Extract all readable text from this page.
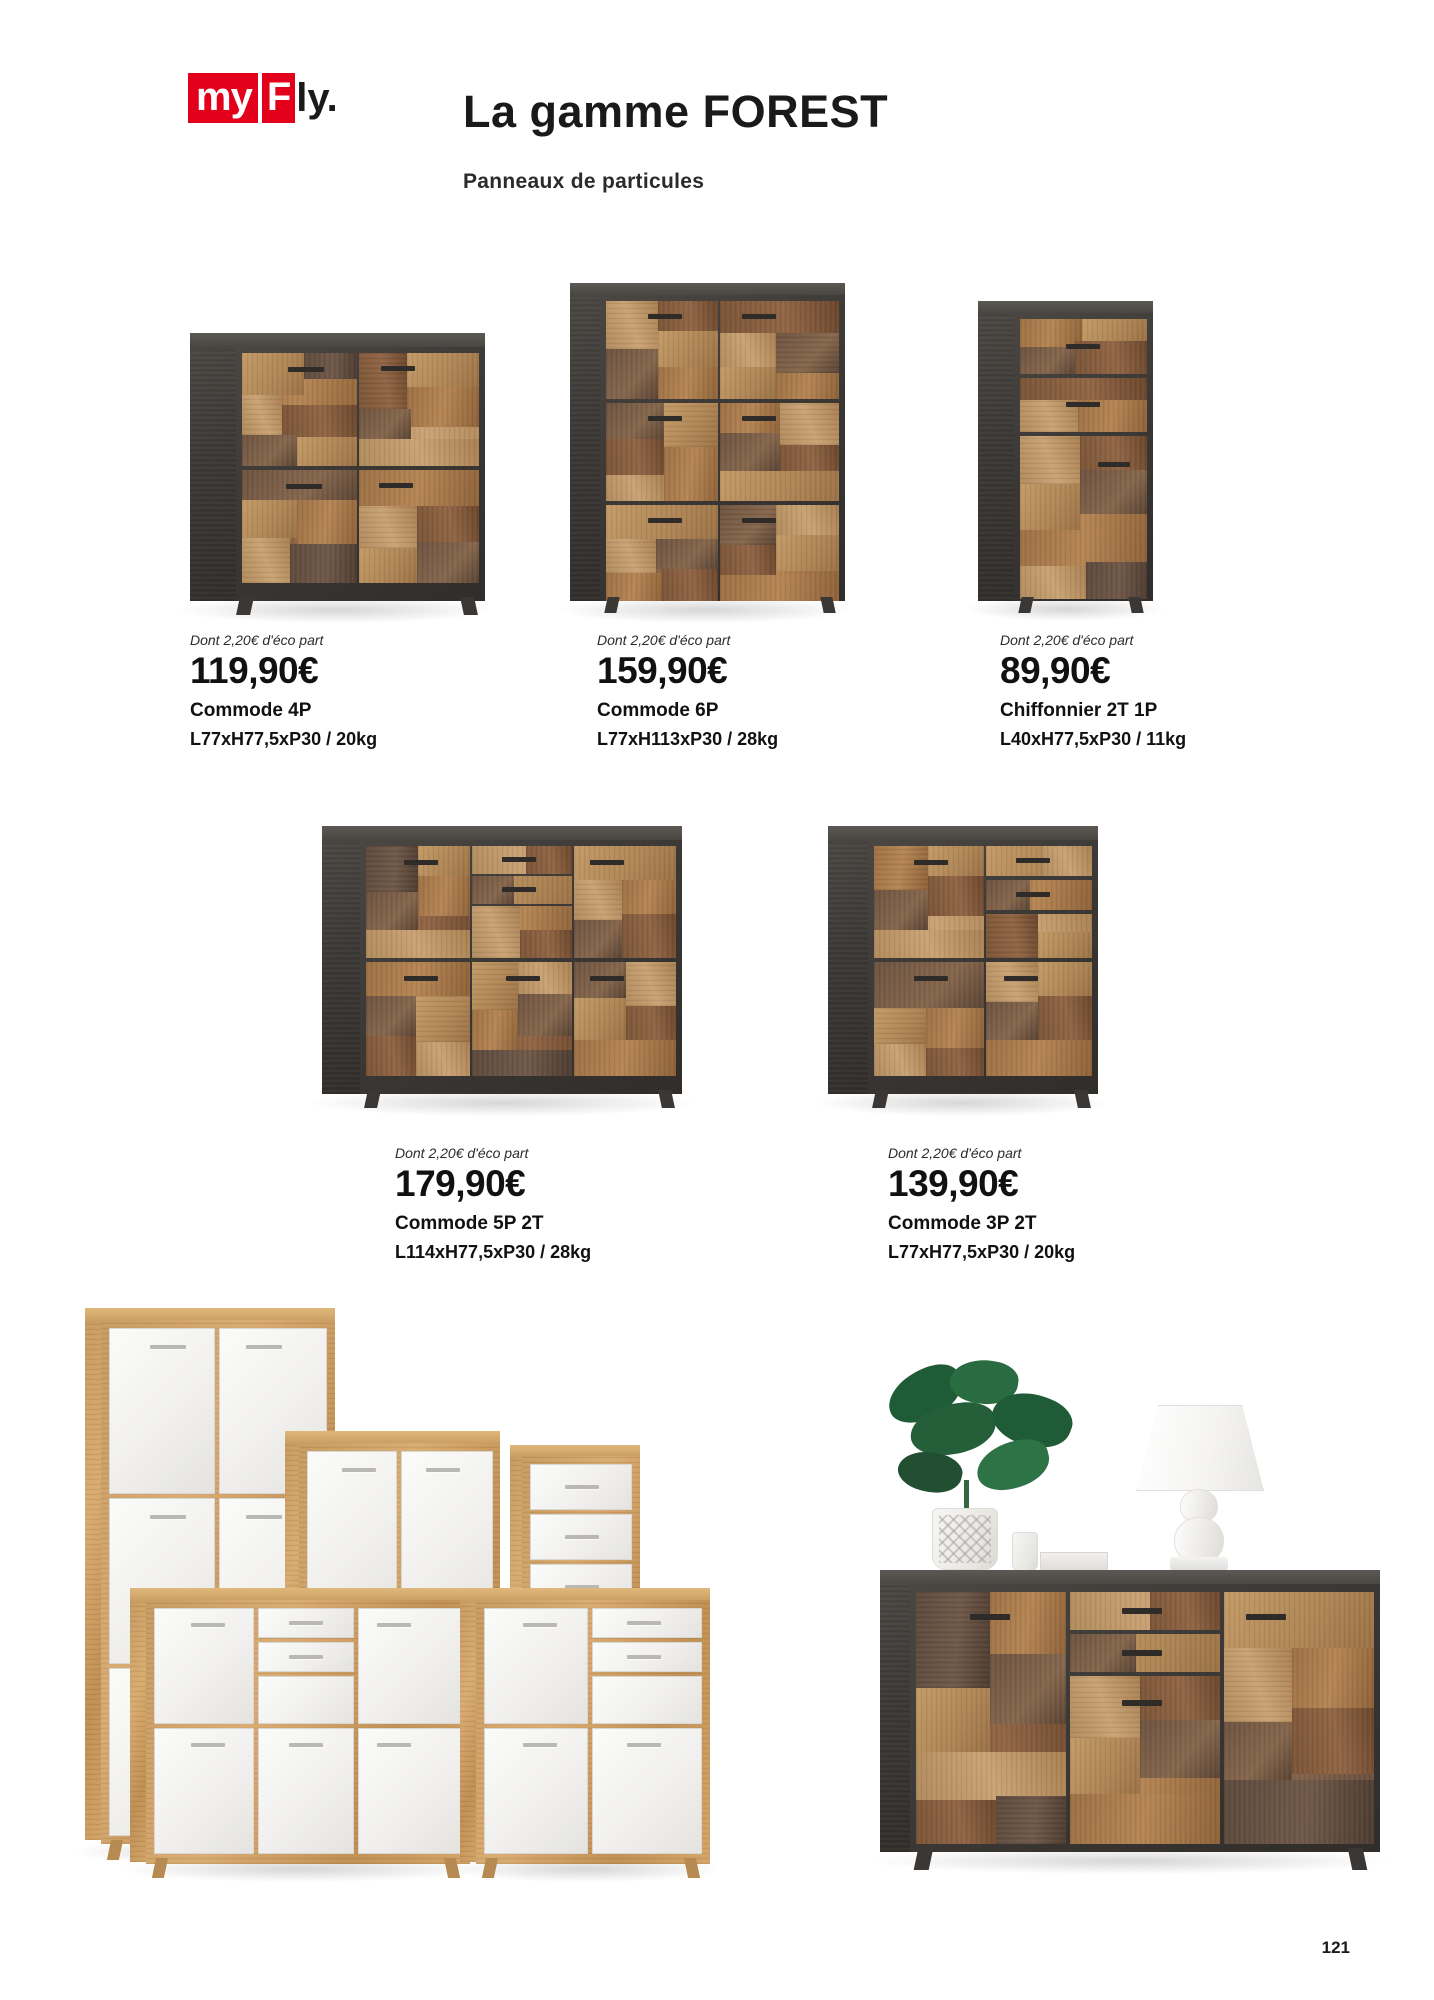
my F l y.	La gamme FOREST
Panneaux de particules
Dont 2,20€ d'éco part
119,90€
Commode 4P
L77xH77,5xP30 / 20kg
Dont 2,20€ d'éco part
159,90€
Commode 6P
L77xH113xP30 / 28kg
Dont 2,20€ d'éco part
89,90€
Chiffonnier 2T 1P
L40xH77,5xP30 / 11kg
Dont 2,20€ d'éco part
179,90€
Commode 5P 2T
L114xH77,5xP30 / 28kg
Dont 2,20€ d'éco part
139,90€
Commode 3P 2T
L77xH77,5xP30 / 20kg
121
